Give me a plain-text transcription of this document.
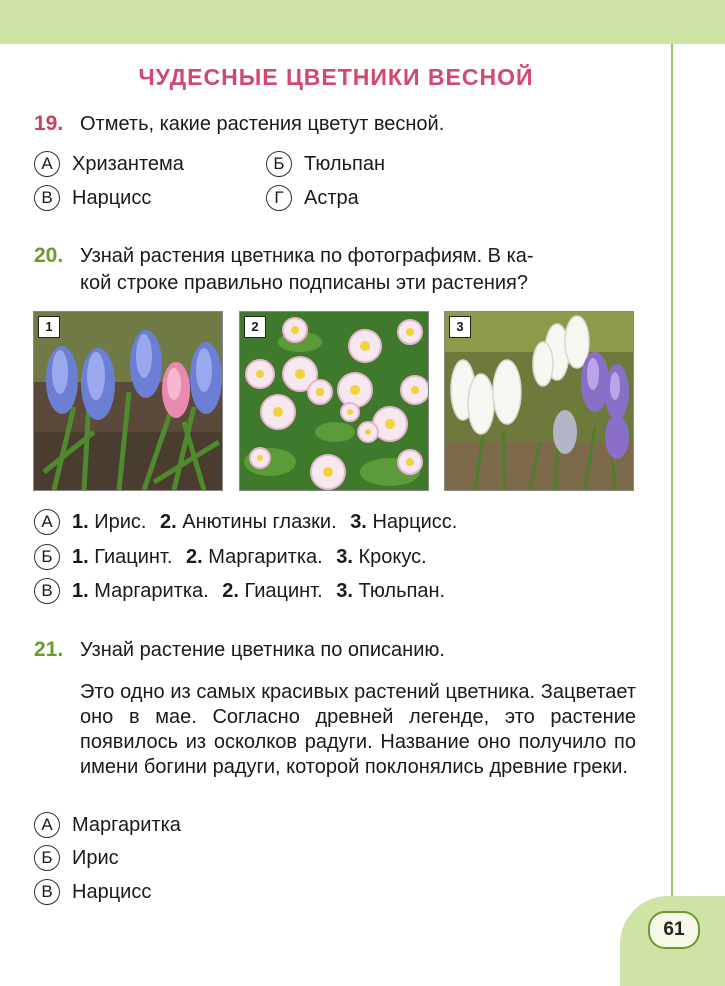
61
ЧУДЕСНЫЕ ЦВЕТНИКИ ВЕСНОЙ
19. Отметь, какие растения цветут весной.
А Хризантема	Б Тюльпан
В Нарцисс	Г	Астра
20. Узнай растения цветника по фотографиям. В ка-
кой строке правильно подписаны эти растения?
1	2	3
А 1. Ирис. 2. Анютины глазки. 3. Нарцисс.
Б 1. Гиацинт. 2. Маргаритка. 3. Крокус.
В 1. Маргаритка. 2. Гиацинт. 3. Тюльпан.
21. Узнай растение цветника по описанию.
Это одно из самых красивых растений цветника. Зацветает оно в мае. Согласно древней легенде, это растение появилось из осколков радуги. Название оно получило по имени богини радуги, которой поклонялись древние греки.
А Маргаритка
Б Ирис
В Нарцисс
